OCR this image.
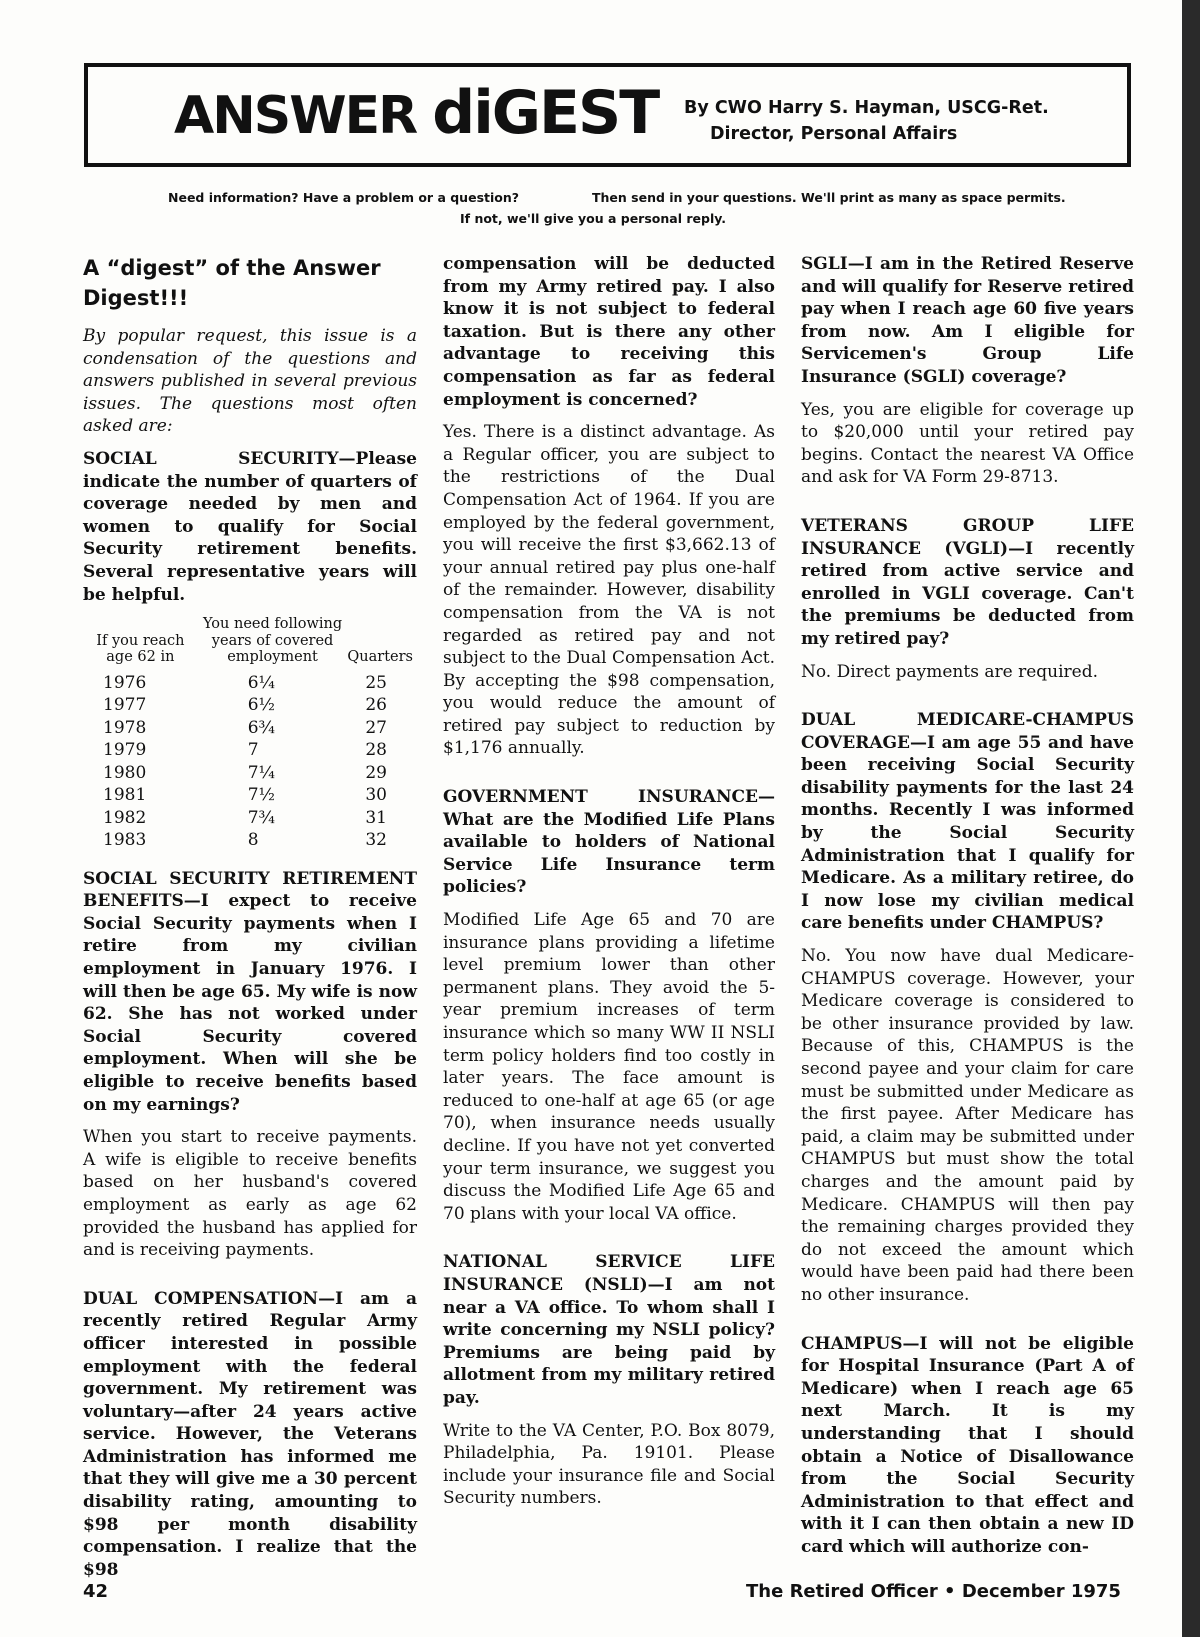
ANSWER diGEST By CWO Harry S. Hayman, USCG-Ret.
Director, Personal Affairs
Need information? Have a problem or a question?	Then send in your questions. We'll print as many as space permits.
If not, we'll give you a personal reply.
A “digest” of the Answer Digest!!!

By popular request, this issue is a condensation of the questions and answers published in several previous issues. The questions most often asked are:

SOCIAL SECURITY—Please indicate the number of quarters of coverage needed by men and women to qualify for Social Security retirement benefits. Several representative years will be helpful.

If you reach age 62 in	You need following years of covered employment	Quarters
1976	6¼	25
1977	6½	26
1978	6¾	27
1979	7	28
1980	7¼	29
1981	7½	30
1982	7¾	31
1983	8	32

SOCIAL SECURITY RETIREMENT BENEFITS—I expect to receive Social Security payments when I retire from my civilian employment in January 1976. I will then be age 65. My wife is now 62. She has not worked under Social Security covered employment. When will she be eligible to receive benefits based on my earnings?

When you start to receive payments. A wife is eligible to receive benefits based on her husband's covered employment as early as age 62 provided the husband has applied for and is receiving payments.

DUAL COMPENSATION—I am a recently retired Regular Army officer interested in possible employment with the federal government. My retirement was voluntary—after 24 years active service. However, the Veterans Administration has informed me that they will give me a 30 percent disability rating, amounting to $98 per month disability compensation. I realize that the $98

compensation will be deducted from my Army retired pay. I also know it is not subject to federal taxation. But is there any other advantage to receiving this compensation as far as federal employment is concerned?

Yes. There is a distinct advantage. As a Regular officer, you are subject to the restrictions of the Dual Compensation Act of 1964. If you are employed by the federal government, you will receive the first $3,662.13 of your annual retired pay plus one-half of the remainder. However, disability compensation from the VA is not regarded as retired pay and not subject to the Dual Compensation Act. By accepting the $98 compensation, you would reduce the amount of retired pay subject to reduction by $1,176 annually.

GOVERNMENT INSURANCE—What are the Modified Life Plans available to holders of National Service Life Insurance term policies?

Modified Life Age 65 and 70 are insurance plans providing a lifetime level premium lower than other permanent plans. They avoid the 5-year premium increases of term insurance which so many WW II NSLI term policy holders find too costly in later years. The face amount is reduced to one-half at age 65 (or age 70), when insurance needs usually decline. If you have not yet converted your term insurance, we suggest you discuss the Modified Life Age 65 and 70 plans with your local VA office.

NATIONAL SERVICE LIFE INSURANCE (NSLI)—I am not near a VA office. To whom shall I write concerning my NSLI policy? Premiums are being paid by allotment from my military retired pay.

Write to the VA Center, P.O. Box 8079, Philadelphia, Pa. 19101. Please include your insurance file and Social Security numbers.

SGLI—I am in the Retired Reserve and will qualify for Reserve retired pay when I reach age 60 five years from now. Am I eligible for Servicemen's Group Life Insurance (SGLI) coverage?

Yes, you are eligible for coverage up to $20,000 until your retired pay begins. Contact the nearest VA Office and ask for VA Form 29-8713.

VETERANS GROUP LIFE INSURANCE (VGLI)—I recently retired from active service and enrolled in VGLI coverage. Can't the premiums be deducted from my retired pay?

No. Direct payments are required.

DUAL MEDICARE-CHAMPUS COVERAGE—I am age 55 and have been receiving Social Security disability payments for the last 24 months. Recently I was informed by the Social Security Administration that I qualify for Medicare. As a military retiree, do I now lose my civilian medical care benefits under CHAMPUS?

No. You now have dual Medicare-CHAMPUS coverage. However, your Medicare coverage is considered to be other insurance provided by law. Because of this, CHAMPUS is the second payee and your claim for care must be submitted under Medicare as the first payee. After Medicare has paid, a claim may be submitted under CHAMPUS but must show the total charges and the amount paid by Medicare. CHAMPUS will then pay the remaining charges provided they do not exceed the amount which would have been paid had there been no other insurance.

CHAMPUS—I will not be eligible for Hospital Insurance (Part A of Medicare) when I reach age 65 next March. It is my understanding that I should obtain a Notice of Disallowance from the Social Security Administration to that effect and with it I can then obtain a new ID card which will authorize con-

42	The Retired Officer • December 1975
